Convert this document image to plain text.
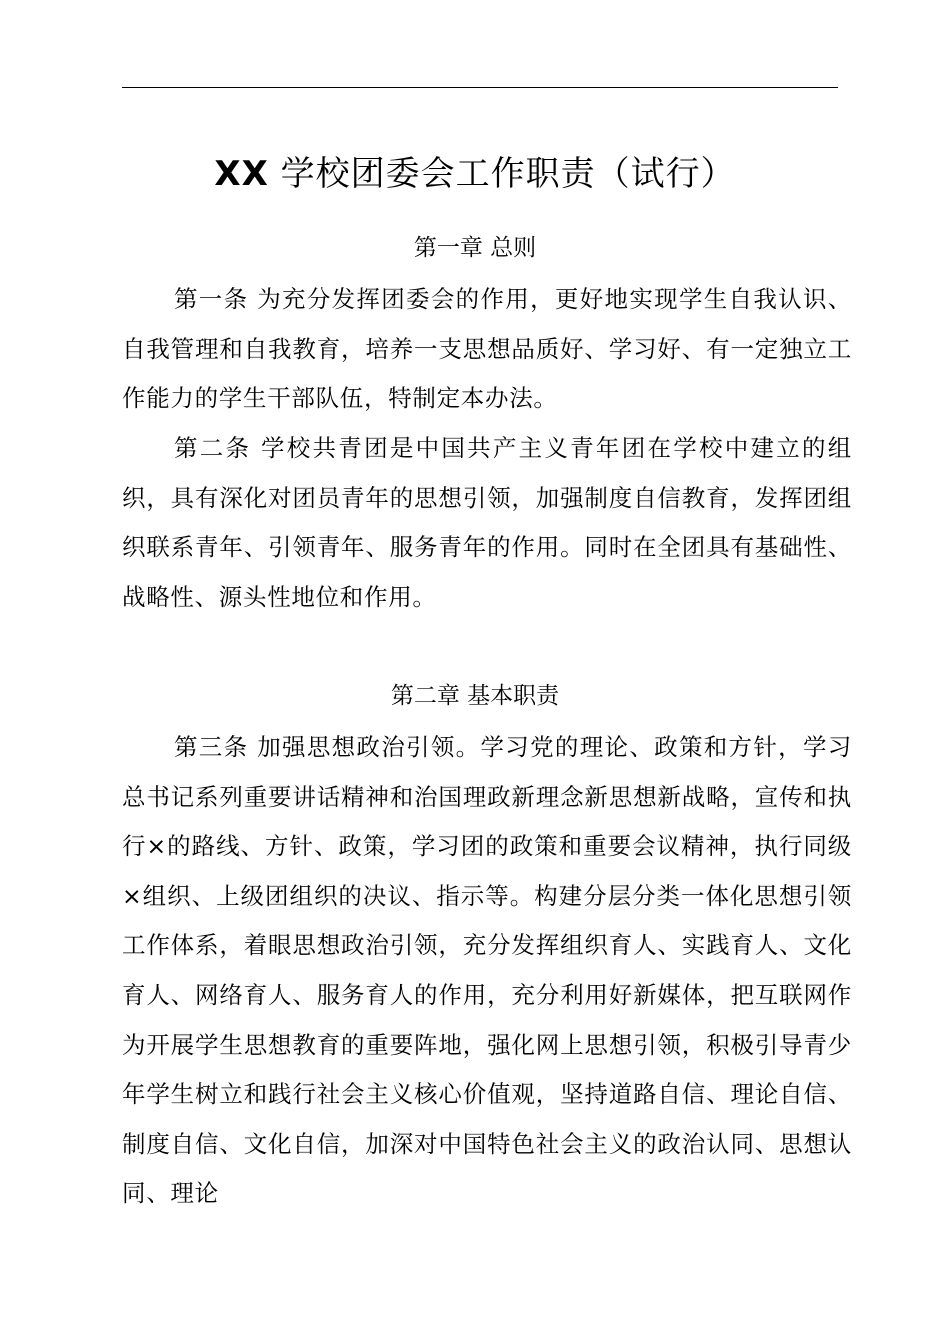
XX 学校团委会工作职责（试行）
第一章 总则

第一条 为充分发挥团委会的作用，更好地实现学生自我认识、自我管理和自我教育，培养一支思想品质好、学习好、有一定独立工作能力的学生干部队伍，特制定本办法。

第二条 学校共青团是中国共产主义青年团在学校中建立的组织，具有深化对团员青年的思想引领，加强制度自信教育，发挥团组织联系青年、引领青年、服务青年的作用。同时在全团具有基础性、战略性、源头性地位和作用。

第二章 基本职责

第三条 加强思想政治引领。学习党的理论、政策和方针，学习总书记系列重要讲话精神和治国理政新理念新思想新战略，宣传和执行×的路线、方针、政策，学习团的政策和重要会议精神，执行同级×组织、上级团组织的决议、指示等。构建分层分类一体化思想引领工作体系，着眼思想政治引领，充分发挥组织育人、实践育人、文化育人、网络育人、服务育人的作用，充分利用好新媒体，把互联网作为开展学生思想教育的重要阵地，强化网上思想引领，积极引导青少年学生树立和践行社会主义核心价值观，坚持道路自信、理论自信、制度自信、文化自信，加深对中国特色社会主义的政治认同、思想认同、理论
